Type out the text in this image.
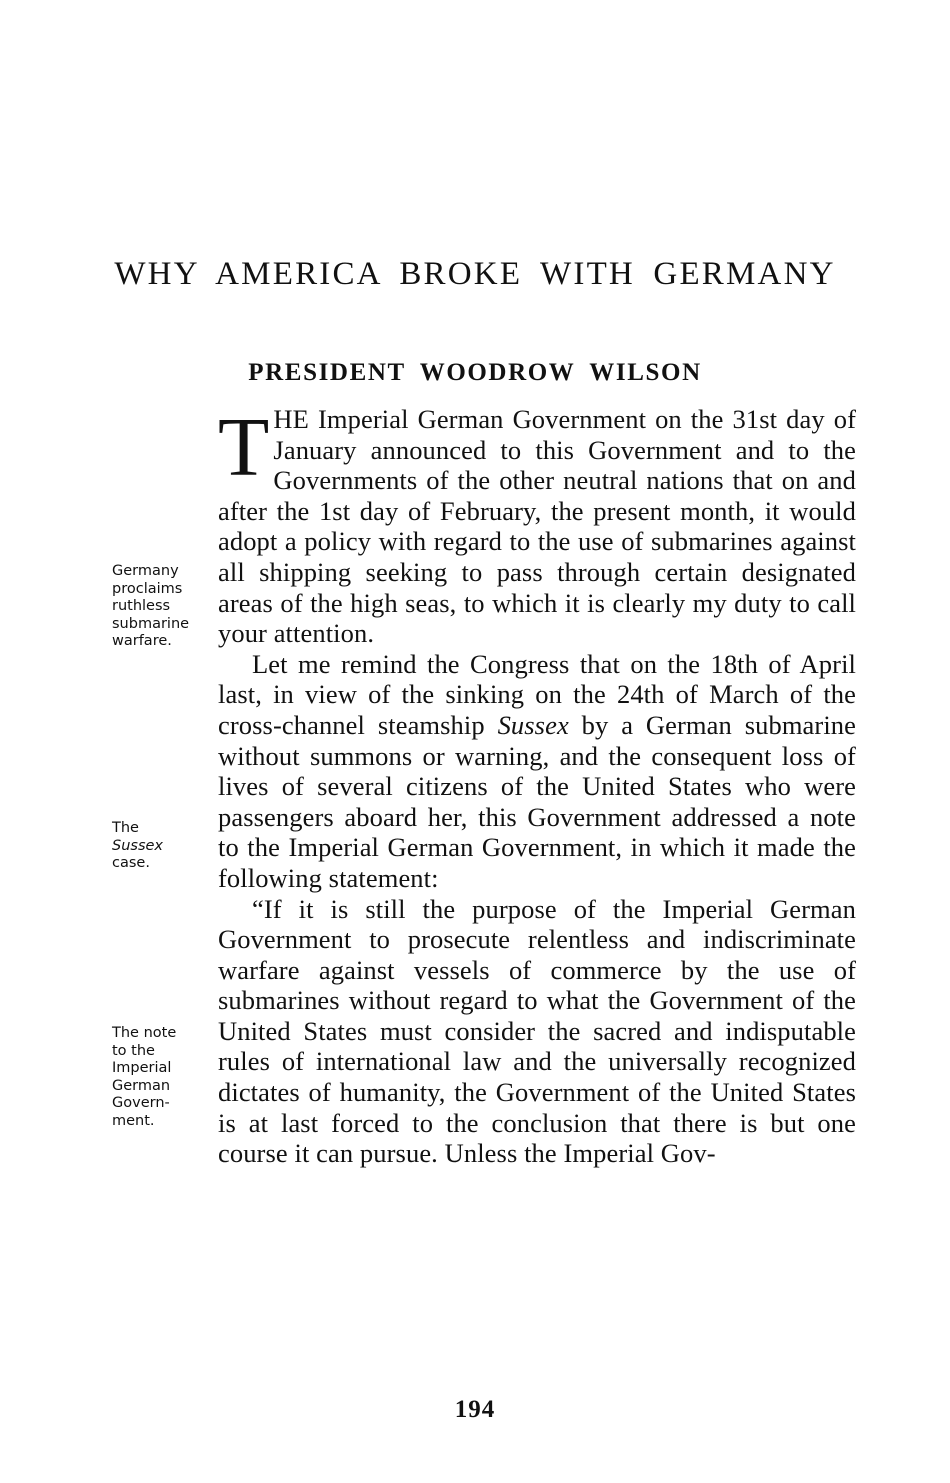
WHY AMERICA BROKE WITH GERMANY
PRESIDENT WOODROW WILSON
Germany
proclaims
ruthless
submarine
warfare.
The
Sussex
case.
The note
to the
Imperial
German
Govern-
ment.

THE Imperial German Government on the 31st day of January announced to this Government and to the Governments of the other neutral nations that on and after the 1st day of February, the present month, it would adopt a policy with regard to the use of submarines against all shipping seeking to pass through certain designated areas of the high seas, to which it is clearly my duty to call your attention.

Let me remind the Congress that on the 18th of April last, in view of the sinking on the 24th of March of the cross-channel steamship Sussex by a German submarine without summons or warning, and the consequent loss of lives of several citizens of the United States who were passengers aboard her, this Government addressed a note to the Imperial German Government, in which it made the following statement:

“If it is still the purpose of the Imperial German Government to prosecute relentless and indiscriminate warfare against vessels of commerce by the use of submarines without regard to what the Government of the United States must consider the sacred and indisputable rules of international law and the universally recognized dictates of humanity, the Government of the United States is at last forced to the conclusion that there is but one course it can pursue. Unless the Imperial Gov-

194
